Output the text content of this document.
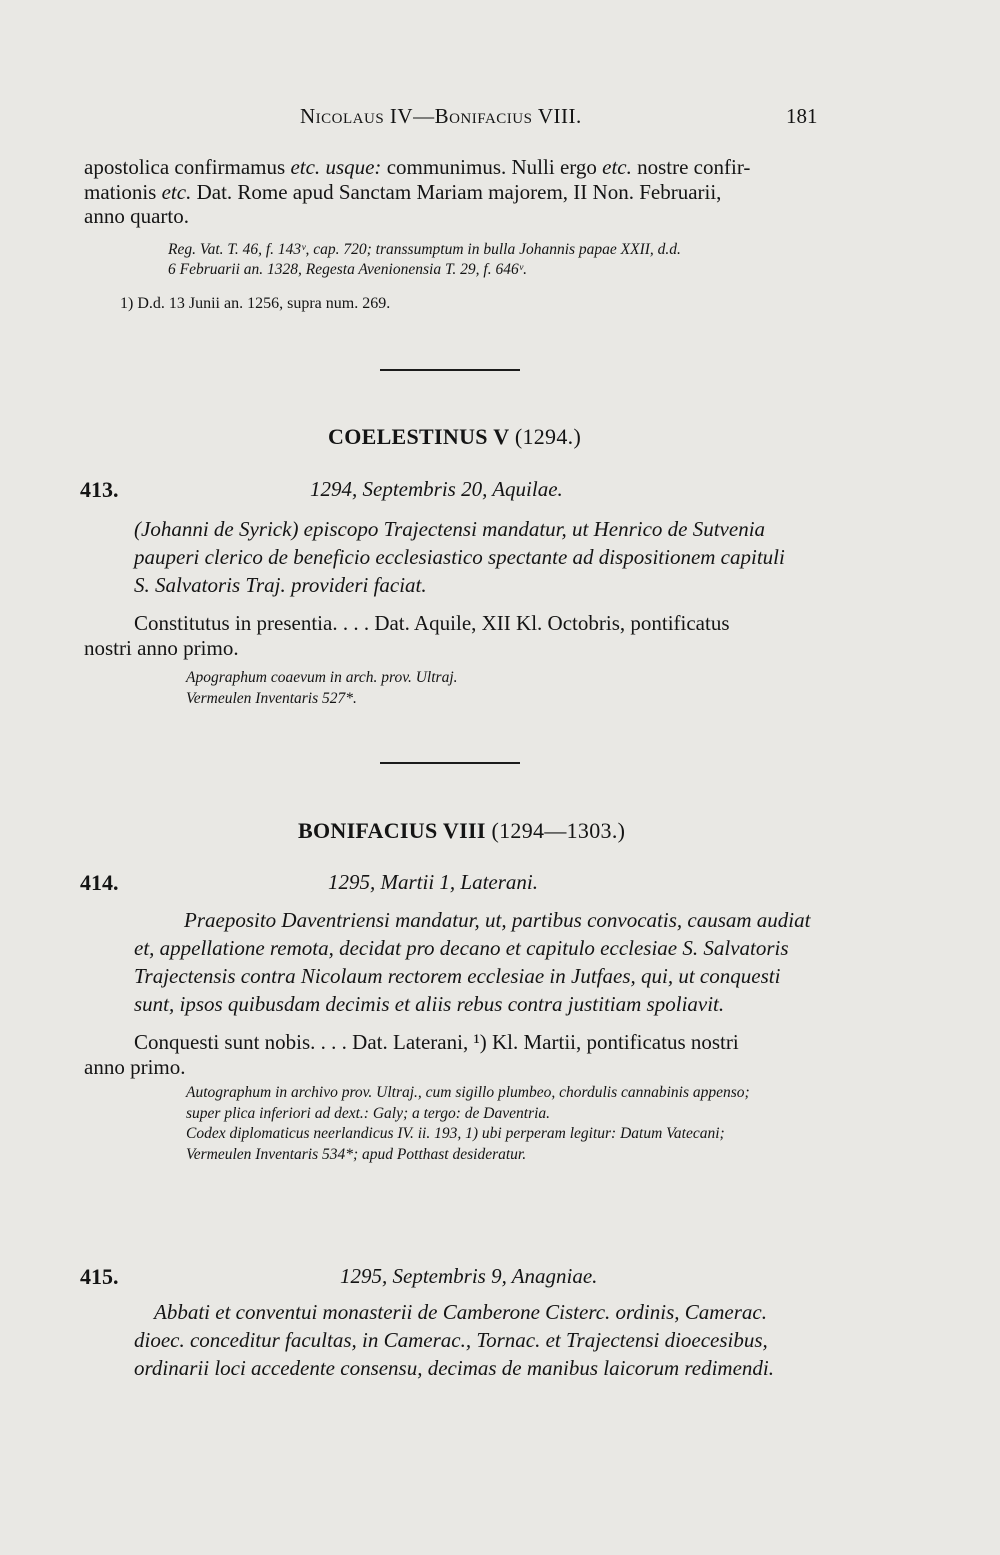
Nicolaus IV—Bonifacius VIII.	181
apostolica confirmamus etc. usque: communimus. Nulli ergo etc. nostre confir-
mationis etc. Dat. Rome apud Sanctam Mariam majorem, II Non. Februarii,
anno quarto.
Reg. Vat. T. 46, f. 143ᵛ, cap. 720; transsumptum in bulla Johannis papae XXII, d.d.
6 Februarii an. 1328, Regesta Avenionensia T. 29, f. 646ᵛ.
1) D.d. 13 Junii an. 1256, supra num. 269.
COELESTINUS V (1294.)
413.	1294, Septembris 20, Aquilae.
(Johanni de Syrick) episcopo Trajectensi mandatur, ut Henrico de Sutvenia
pauperi clerico de beneficio ecclesiastico spectante ad dispositionem capituli
S. Salvatoris Traj. provideri faciat.
Constitutus in presentia. . . . Dat. Aquile, XII Kl. Octobris, pontificatus
nostri anno primo.
Apographum coaevum in arch. prov. Ultraj.
Vermeulen Inventaris 527*.
BONIFACIUS VIII (1294—1303.)
414.	1295, Martii 1, Laterani.
Praeposito Daventriensi mandatur, ut, partibus convocatis, causam audiat
et, appellatione remota, decidat pro decano et capitulo ecclesiae S. Salvatoris
Trajectensis contra Nicolaum rectorem ecclesiae in Jutfaes, qui, ut conquesti
sunt, ipsos quibusdam decimis et aliis rebus contra justitiam spoliavit.
Conquesti sunt nobis. . . . Dat. Laterani, ¹) Kl. Martii, pontificatus nostri
anno primo.
Autographum in archivo prov. Ultraj., cum sigillo plumbeo, chordulis cannabinis appenso;
super plica inferiori ad dext.: Galy; a tergo: de Daventria.
Codex diplomaticus neerlandicus IV. ii. 193, 1) ubi perperam legitur: Datum Vatecani;
Vermeulen Inventaris 534*; apud Potthast desideratur.
415.	1295, Septembris 9, Anagniae.
Abbati et conventui monasterii de Camberone Cisterc. ordinis, Camerac.
dioec. conceditur facultas, in Camerac., Tornac. et Trajectensi dioecesibus,
ordinarii loci accedente consensu, decimas de manibus laicorum redimendi.
